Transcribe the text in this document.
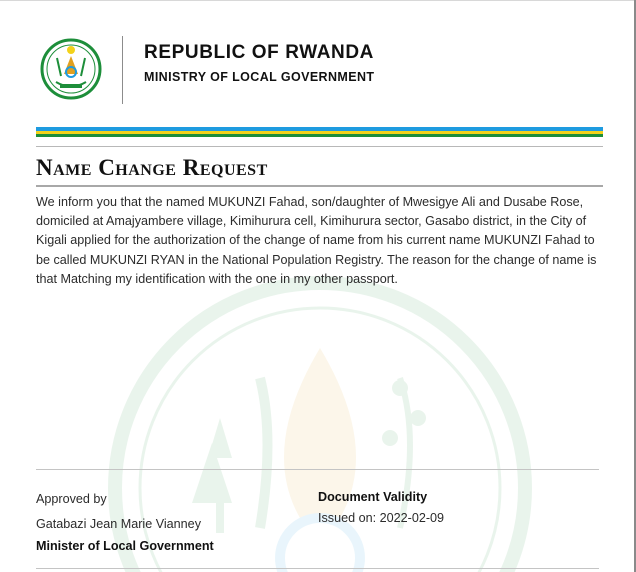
REPUBLIC OF RWANDA
MINISTRY OF LOCAL GOVERNMENT
Name Change Request
We inform you that the named MUKUNZI Fahad, son/daughter of Mwesigye Ali and Dusabe Rose, domiciled at Amajyambere village, Kimihurura cell, Kimihurura sector, Gasabo district, in the City of Kigali applied for the authorization of the change of name from his current name MUKUNZI Fahad to be called MUKUNZI RYAN in the National Population Registry. The reason for the change of name is that Matching my identification with the one in my other passport.
Approved by
Gatabazi Jean Marie Vianney
Minister of Local Government
Document Validity
Issued on: 2022-02-09
